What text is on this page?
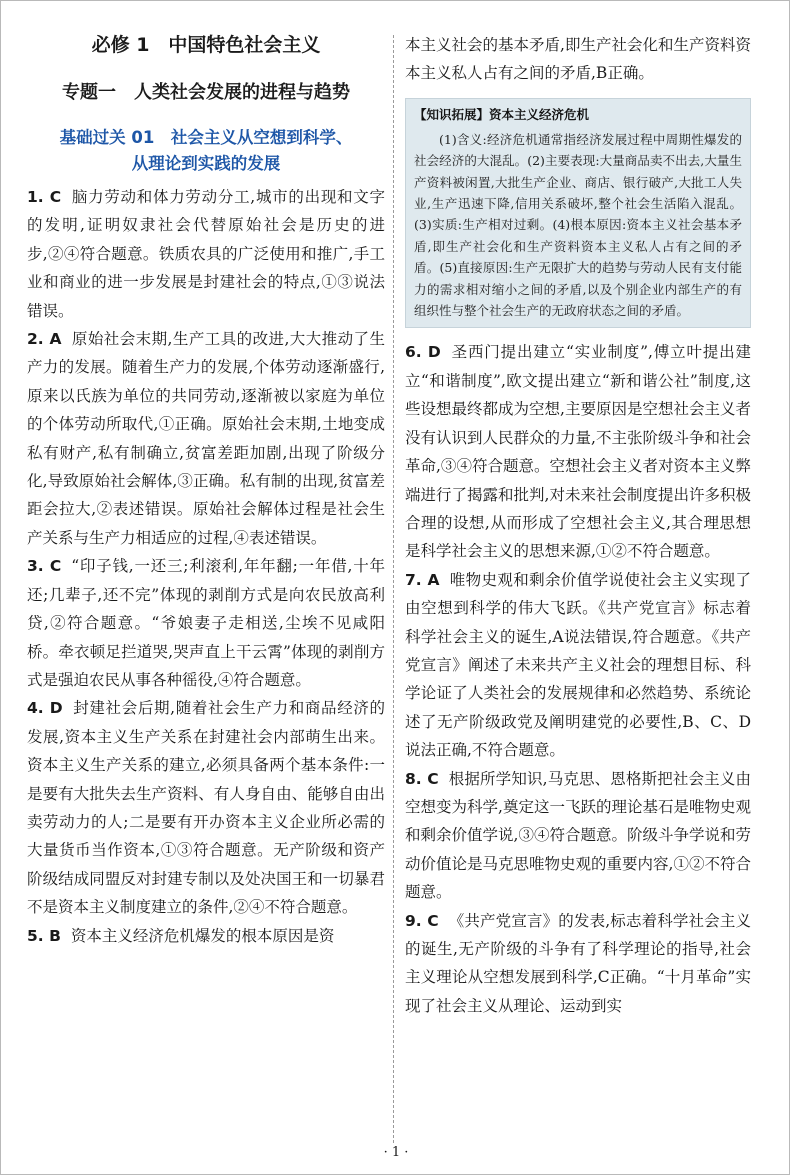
必修 1　中国特色社会主义
专题一　人类社会发展的进程与趋势
基础过关 01　社会主义从空想到科学、
从理论到实践的发展

1. C 脑力劳动和体力劳动分工,城市的出现和文字的发明,证明奴隶社会代替原始社会是历史的进步,②④符合题意。铁质农具的广泛使用和推广,手工业和商业的进一步发展是封建社会的特点,①③说法错误。

2. A 原始社会末期,生产工具的改进,大大推动了生产力的发展。随着生产力的发展,个体劳动逐渐盛行,原来以氏族为单位的共同劳动,逐渐被以家庭为单位的个体劳动所取代,①正确。原始社会末期,土地变成私有财产,私有制确立,贫富差距加剧,出现了阶级分化,导致原始社会解体,③正确。私有制的出现,贫富差距会拉大,②表述错误。原始社会解体过程是社会生产关系与生产力相适应的过程,④表述错误。

3. C “印子钱,一还三;利滚利,年年翻;一年借,十年还;几辈子,还不完”体现的剥削方式是向农民放高利贷,②符合题意。“爷娘妻子走相送,尘埃不见咸阳桥。牵衣顿足拦道哭,哭声直上干云霄”体现的剥削方式是强迫农民从事各种徭役,④符合题意。

4. D 封建社会后期,随着社会生产力和商品经济的发展,资本主义生产关系在封建社会内部萌生出来。资本主义生产关系的建立,必须具备两个基本条件:一是要有大批失去生产资料、有人身自由、能够自由出卖劳动力的人;二是要有开办资本主义企业所必需的大量货币当作资本,①③符合题意。无产阶级和资产阶级结成同盟反对封建专制以及处决国王和一切暴君不是资本主义制度建立的条件,②④不符合题意。

5. B 资本主义经济危机爆发的根本原因是资

本主义社会的基本矛盾,即生产社会化和生产资料资本主义私人占有之间的矛盾,B正确。

【知识拓展】资本主义经济危机

(1)含义:经济危机通常指经济发展过程中周期性爆发的社会经济的大混乱。(2)主要表现:大量商品卖不出去,大量生产资料被闲置,大批生产企业、商店、银行破产,大批工人失业,生产迅速下降,信用关系破坏,整个社会生活陷入混乱。(3)实质:生产相对过剩。(4)根本原因:资本主义社会基本矛盾,即生产社会化和生产资料资本主义私人占有之间的矛盾。(5)直接原因:生产无限扩大的趋势与劳动人民有支付能力的需求相对缩小之间的矛盾,以及个别企业内部生产的有组织性与整个社会生产的无政府状态之间的矛盾。

6. D 圣西门提出建立“实业制度”,傅立叶提出建立“和谐制度”,欧文提出建立“新和谐公社”制度,这些设想最终都成为空想,主要原因是空想社会主义者没有认识到人民群众的力量,不主张阶级斗争和社会革命,③④符合题意。空想社会主义者对资本主义弊端进行了揭露和批判,对未来社会制度提出许多积极合理的设想,从而形成了空想社会主义,其合理思想是科学社会主义的思想来源,①②不符合题意。

7. A 唯物史观和剩余价值学说使社会主义实现了由空想到科学的伟大飞跃。《共产党宣言》标志着科学社会主义的诞生,A说法错误,符合题意。《共产党宣言》阐述了未来共产主义社会的理想目标、科学论证了人类社会的发展规律和必然趋势、系统论述了无产阶级政党及阐明建党的必要性,B、C、D说法正确,不符合题意。

8. C 根据所学知识,马克思、恩格斯把社会主义由空想变为科学,奠定这一飞跃的理论基石是唯物史观和剩余价值学说,③④符合题意。阶级斗争学说和劳动价值论是马克思唯物史观的重要内容,①②不符合题意。

9. C 《共产党宣言》的发表,标志着科学社会主义的诞生,无产阶级的斗争有了科学理论的指导,社会主义理论从空想发展到科学,C正确。“十月革命”实现了社会主义从理论、运动到实

· 1 ·
